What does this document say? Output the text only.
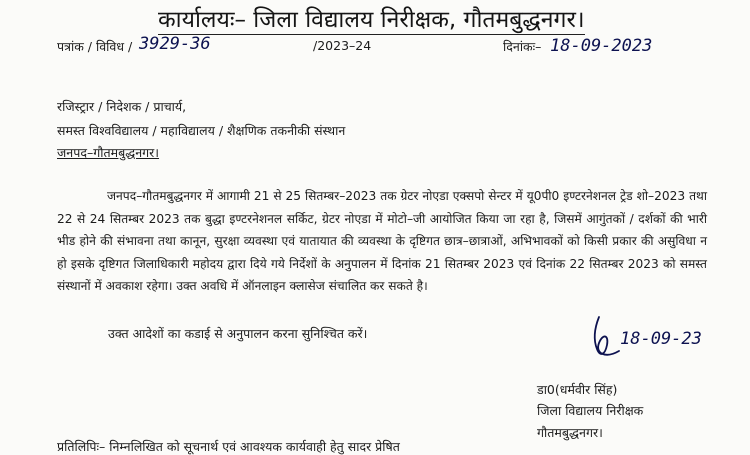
कार्यालयः– जिला विद्यालय निरीक्षक, गौतमबुद्धनगर।
पत्रांक / विविध / 3929-36	/2023–24	दिनांकः– 18-09-2023
रजिस्ट्रार / निदेशक / प्राचार्य,
समस्त विश्वविद्यालय / महाविद्यालय / शैक्षणिक तकनीकी संस्थान
जनपद–गौतमबुद्धनगर।

जनपद–गौतमबुद्धनगर में आगामी 21 से 25 सितम्बर–2023 तक ग्रेटर नोएडा एक्सपो सेन्टर में यू0पी0 इण्टरनेशनल ट्रेड शो–2023 तथा 22 से 24 सितम्बर 2023 तक बुद्धा इण्टरनेशनल सर्किट, ग्रेटर नोएडा में मोटो–जी आयोजित किया जा रहा है, जिसमें आगुंतकों / दर्शकों की भारी भीड होने की संभावना तथा कानून, सुरक्षा व्यवस्था एवं यातायात की व्यवस्था के दृष्टिगत छात्र–छात्राओं, अभिभावकों को किसी प्रकार की असुविधा न हो इसके दृष्टिगत जिलाधिकारी महोदय द्वारा दिये गये निर्देशों के अनुपालन में दिनांक 21 सितम्बर 2023 एवं दिनांक 22 सितम्बर 2023 को समस्त संस्थानों में अवकाश रहेगा। उक्त अवधि में ऑनलाइन क्लासेज संचालित कर सकते है।

उक्त आदेशों का कडाई से अनुपालन करना सुनिश्चित करें।	18-09-23
डा0(धर्मवीर सिंह)
जिला विद्यालय निरीक्षक
गौतमबुद्धनगर।
प्रतिलिपिः– निम्नलिखित को सूचनार्थ एवं आवश्यक कार्यवाही हेतु सादर प्रेषित
